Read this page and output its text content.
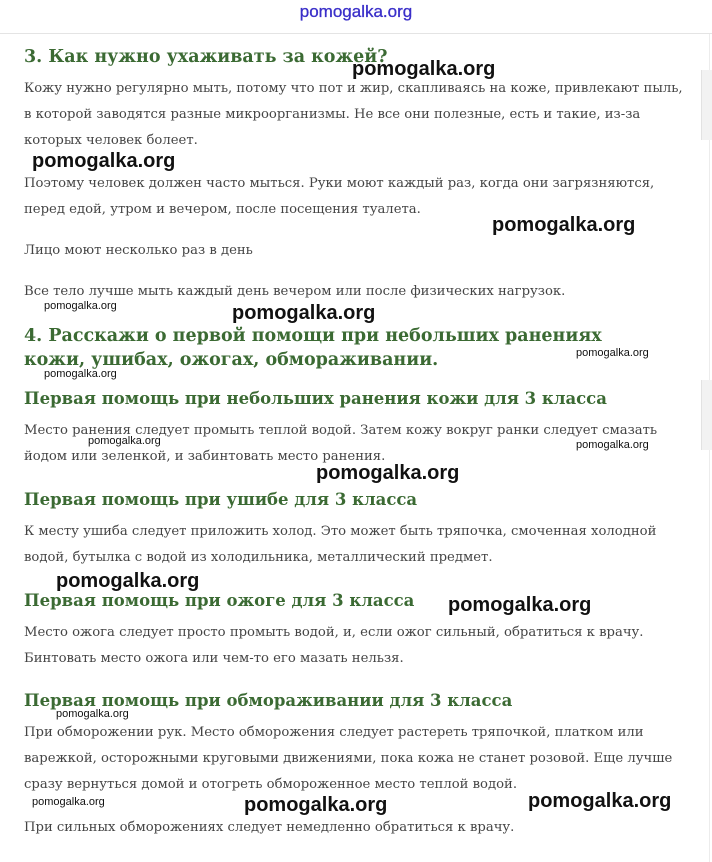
pomogalka.org
3. Как нужно ухаживать за кожей?

Кожу нужно регулярно мыть, потому что пот и жир, скапливаясь на коже, привлекают пыль, в которой заводятся разные микроорганизмы. Не все они полезные, есть и такие, из-за которых человек болеет.

Поэтому человек должен часто мыться. Руки моют каждый раз, когда они загрязняются, перед едой, утром и вечером, после посещения туалета.

Лицо моют несколько раз в день

Все тело лучше мыть каждый день вечером или после физических нагрузок.

4. Расскажи о первой помощи при небольших ранениях кожи, ушибах, ожогах, обмораживании.
Первая помощь при небольших ранения кожи для 3 класса

Место ранения следует промыть теплой водой. Затем кожу вокруг ранки следует смазать йодом или зеленкой, и забинтовать место ранения.

Первая помощь при ушибе для 3 класса

К месту ушиба следует приложить холод. Это может быть тряпочка, смоченная холодной водой, бутылка с водой из холодильника, металлический предмет.

Первая помощь при ожоге для 3 класса

Место ожога следует просто промыть водой, и, если ожог сильный, обратиться к врачу. Бинтовать место ожога или чем-то его мазать нельзя.

Первая помощь при обмораживании для 3 класса

При обморожении рук. Место обморожения следует растереть тряпочкой, платком или варежкой, осторожными круговыми движениями, пока кожа не станет розовой. Еще лучше сразу вернуться домой и отогреть обмороженное место теплой водой.

При сильных обморожениях следует немедленно обратиться к врачу.

pomogalka.org
pomogalka.org
pomogalka.org
pomogalka.org	pomogalka.org
pomogalka.org
pomogalka.org
pomogalka.org	pomogalka.org
pomogalka.org
pomogalka.org
pomogalka.org
pomogalka.org
pomogalka.org	pomogalka.org	pomogalka.org
